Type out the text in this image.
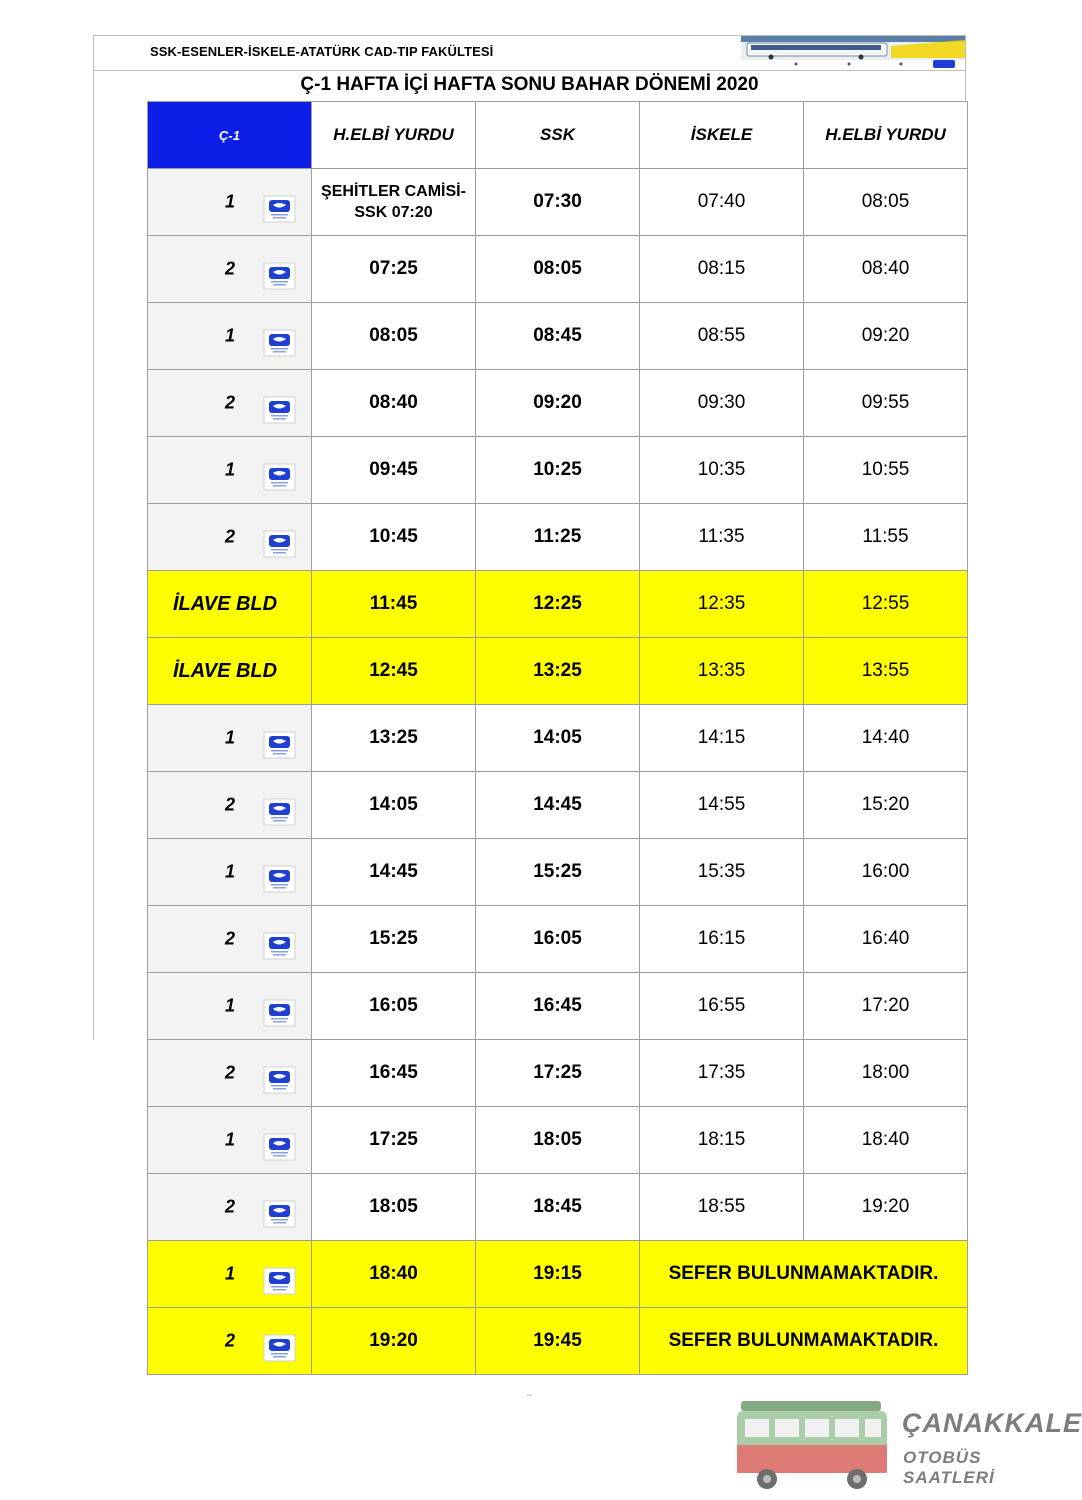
SSK-ESENLER-İSKELE-ATATÜRK CAD-TIP FAKÜLTESİ
Ç-1 HAFTA İÇİ HAFTA SONU BAHAR DÖNEMİ 2020
Ç-1	H.ELBİ YURDU	SSK	İSKELE	H.ELBİ YURDU

1	ŞEHİTLER CAMİSİ-
SSK 07:20	07:30	07:40	08:05

2	07:25	08:05	08:15	08:40

1	08:05	08:45	08:55	09:20

2	08:40	09:20	09:30	09:55

1	09:45	10:25	10:35	10:55

2	10:45	11:25	11:35	11:55
İLAVE BLD	11:45	12:25	12:35	12:55
İLAVE BLD	12:45	13:25	13:35	13:55

1	13:25	14:05	14:15	14:40

2	14:05	14:45	14:55	15:20

1	14:45	15:25	15:35	16:00

2	15:25	16:05	16:15	16:40

1	16:05	16:45	16:55	17:20

2	16:45	17:25	17:35	18:00

1	17:25	18:05	18:15	18:40

2	18:05	18:45	18:55	19:20

1	18:40	19:15	SEFER BULUNMAMAKTADIR.	

2	19:20	19:45	SEFER BULUNMAMAKTADIR.	
•••
ÇANAKKALE
OTOBÜS SAATLERİ
